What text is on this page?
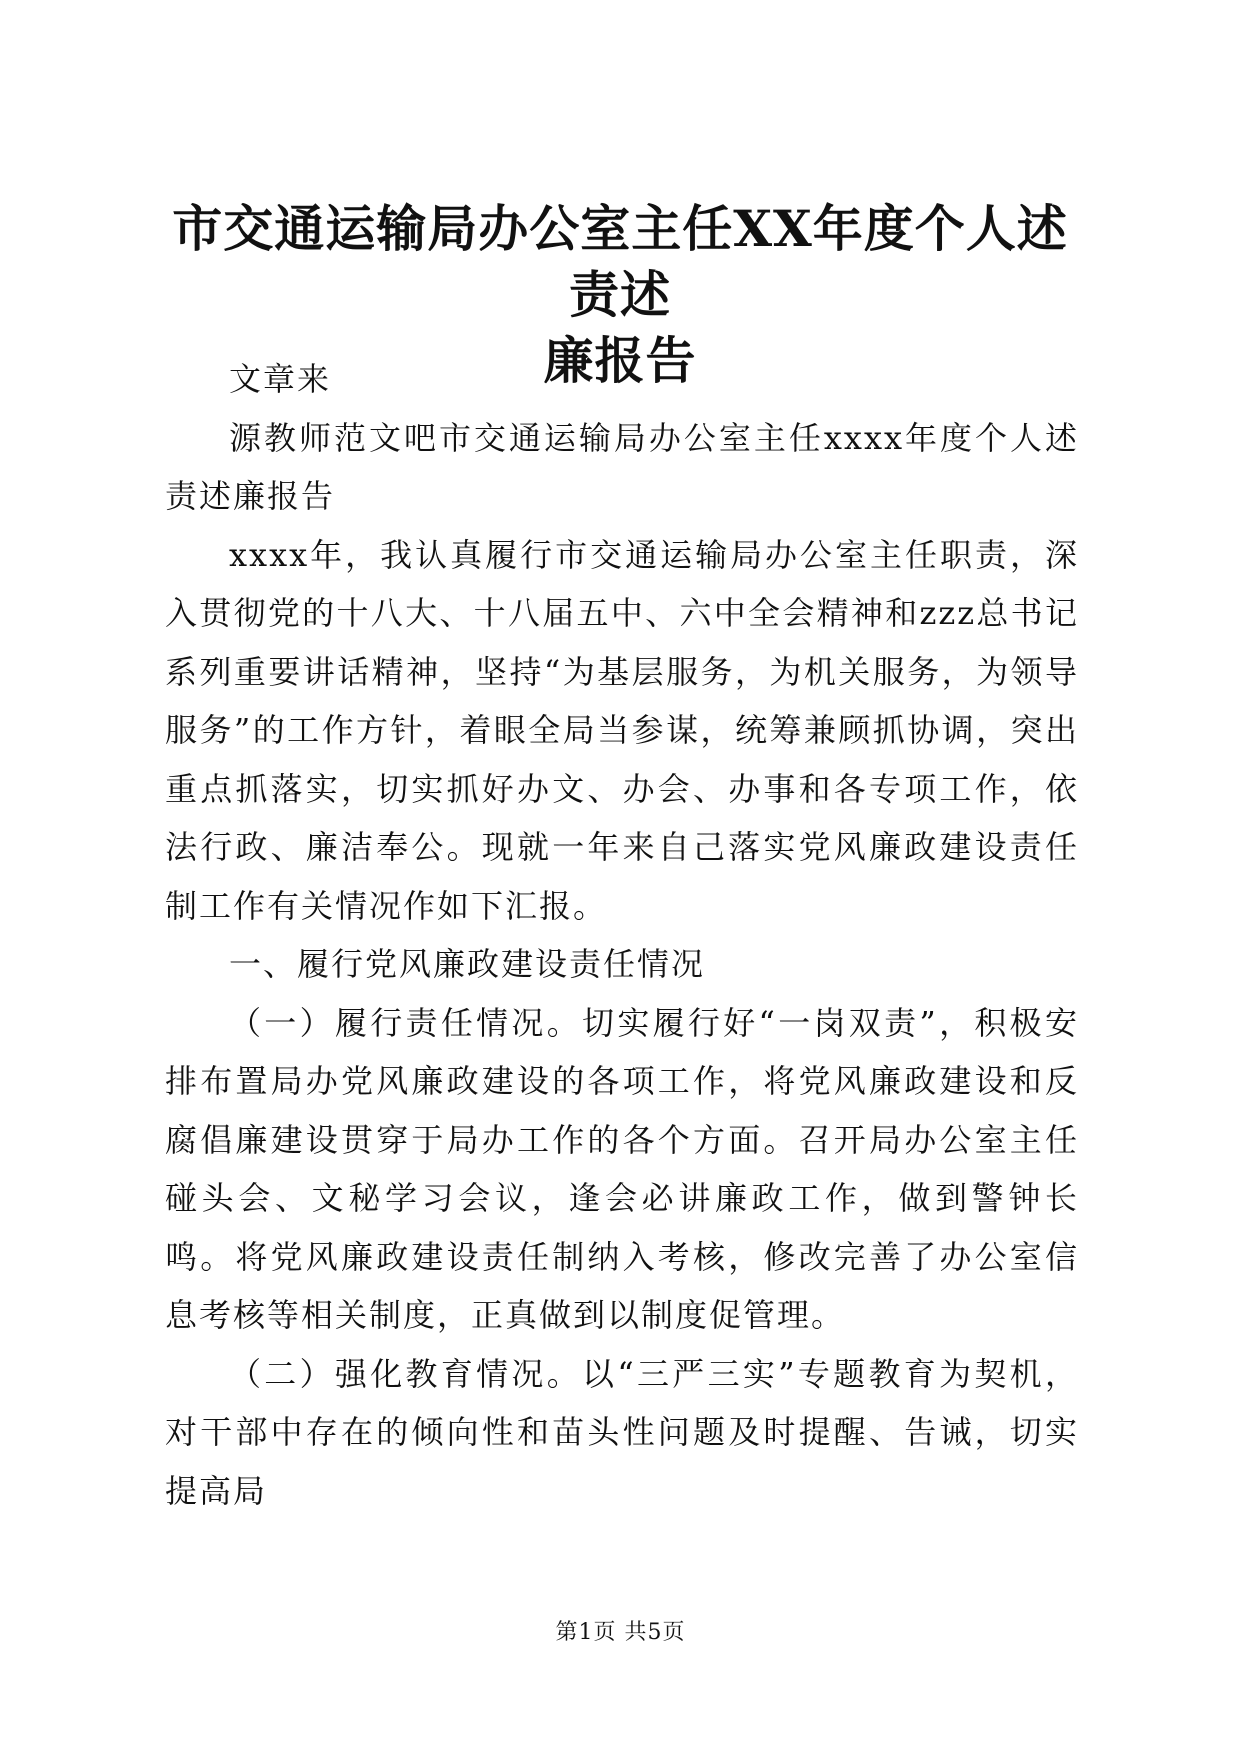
市交通运输局办公室主任XX年度个人述责述
廉报告

文章来

源教师范文吧市交通运输局办公室主任xxxx年度个人述责述廉报告

xxxx年，我认真履行市交通运输局办公室主任职责，深入贯彻党的十八大、十八届五中、六中全会精神和zzz总书记系列重要讲话精神，坚持“为基层服务，为机关服务，为领导服务”的工作方针，着眼全局当参谋，统筹兼顾抓协调，突出重点抓落实，切实抓好办文、办会、办事和各专项工作，依法行政、廉洁奉公。现就一年来自己落实党风廉政建设责任制工作有关情况作如下汇报。

一、履行党风廉政建设责任情况

（一）履行责任情况。切实履行好“一岗双责”，积极安排布置局办党风廉政建设的各项工作，将党风廉政建设和反腐倡廉建设贯穿于局办工作的各个方面。召开局办公室主任碰头会、文秘学习会议，逢会必讲廉政工作，做到警钟长鸣。将党风廉政建设责任制纳入考核，修改完善了办公室信息考核等相关制度，正真做到以制度促管理。

（二）强化教育情况。以“三严三实”专题教育为契机，对干部中存在的倾向性和苗头性问题及时提醒、告诫，切实提高局

第1页 共5页
